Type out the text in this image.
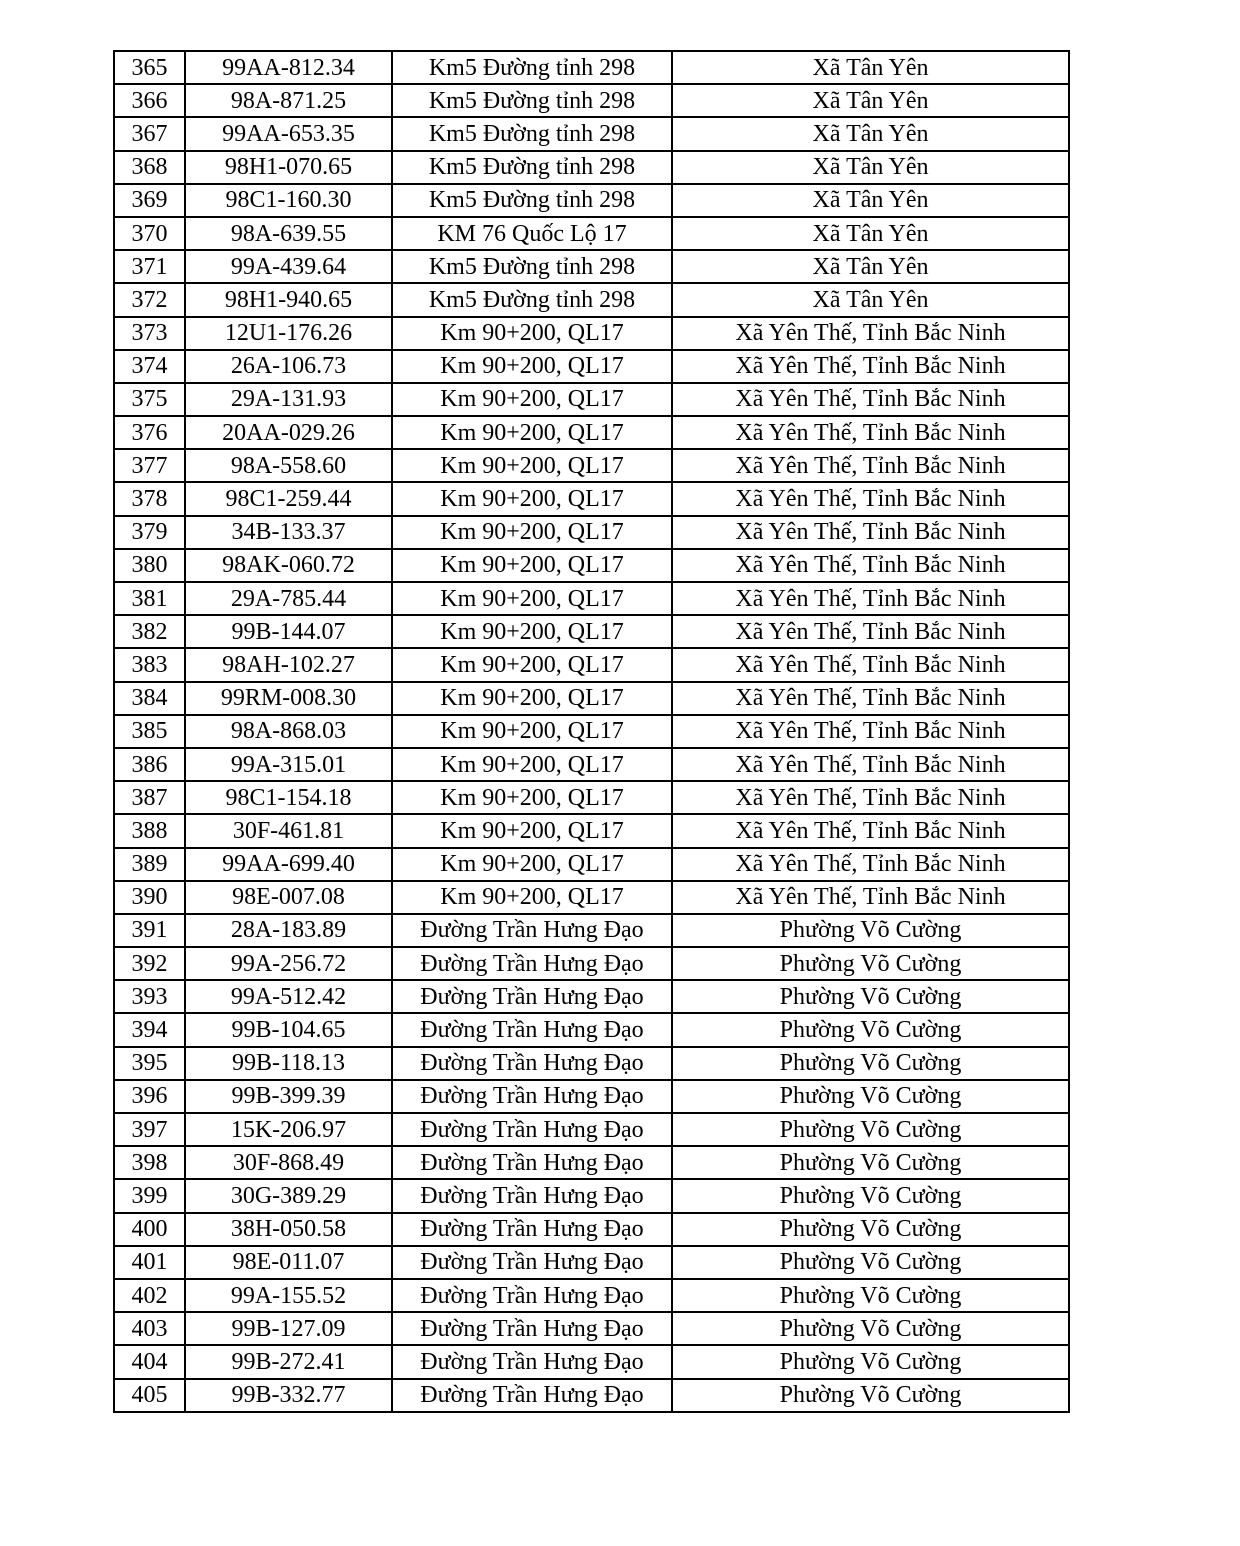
365	99AA-812.34	Km5 Đường tỉnh 298	Xã Tân Yên
366	98A-871.25	Km5 Đường tỉnh 298	Xã Tân Yên
367	99AA-653.35	Km5 Đường tỉnh 298	Xã Tân Yên
368	98H1-070.65	Km5 Đường tỉnh 298	Xã Tân Yên
369	98C1-160.30	Km5 Đường tỉnh 298	Xã Tân Yên
370	98A-639.55	KM 76 Quốc Lộ 17	Xã Tân Yên
371	99A-439.64	Km5 Đường tỉnh 298	Xã Tân Yên
372	98H1-940.65	Km5 Đường tỉnh 298	Xã Tân Yên
373	12U1-176.26	Km 90+200, QL17	Xã Yên Thế, Tỉnh Bắc Ninh
374	26A-106.73	Km 90+200, QL17	Xã Yên Thế, Tỉnh Bắc Ninh
375	29A-131.93	Km 90+200, QL17	Xã Yên Thế, Tỉnh Bắc Ninh
376	20AA-029.26	Km 90+200, QL17	Xã Yên Thế, Tỉnh Bắc Ninh
377	98A-558.60	Km 90+200, QL17	Xã Yên Thế, Tỉnh Bắc Ninh
378	98C1-259.44	Km 90+200, QL17	Xã Yên Thế, Tỉnh Bắc Ninh
379	34B-133.37	Km 90+200, QL17	Xã Yên Thế, Tỉnh Bắc Ninh
380	98AK-060.72	Km 90+200, QL17	Xã Yên Thế, Tỉnh Bắc Ninh
381	29A-785.44	Km 90+200, QL17	Xã Yên Thế, Tỉnh Bắc Ninh
382	99B-144.07	Km 90+200, QL17	Xã Yên Thế, Tỉnh Bắc Ninh
383	98AH-102.27	Km 90+200, QL17	Xã Yên Thế, Tỉnh Bắc Ninh
384	99RM-008.30	Km 90+200, QL17	Xã Yên Thế, Tỉnh Bắc Ninh
385	98A-868.03	Km 90+200, QL17	Xã Yên Thế, Tỉnh Bắc Ninh
386	99A-315.01	Km 90+200, QL17	Xã Yên Thế, Tỉnh Bắc Ninh
387	98C1-154.18	Km 90+200, QL17	Xã Yên Thế, Tỉnh Bắc Ninh
388	30F-461.81	Km 90+200, QL17	Xã Yên Thế, Tỉnh Bắc Ninh
389	99AA-699.40	Km 90+200, QL17	Xã Yên Thế, Tỉnh Bắc Ninh
390	98E-007.08	Km 90+200, QL17	Xã Yên Thế, Tỉnh Bắc Ninh
391	28A-183.89	Đường Trần Hưng Đạo	Phường Võ Cường
392	99A-256.72	Đường Trần Hưng Đạo	Phường Võ Cường
393	99A-512.42	Đường Trần Hưng Đạo	Phường Võ Cường
394	99B-104.65	Đường Trần Hưng Đạo	Phường Võ Cường
395	99B-118.13	Đường Trần Hưng Đạo	Phường Võ Cường
396	99B-399.39	Đường Trần Hưng Đạo	Phường Võ Cường
397	15K-206.97	Đường Trần Hưng Đạo	Phường Võ Cường
398	30F-868.49	Đường Trần Hưng Đạo	Phường Võ Cường
399	30G-389.29	Đường Trần Hưng Đạo	Phường Võ Cường
400	38H-050.58	Đường Trần Hưng Đạo	Phường Võ Cường
401	98E-011.07	Đường Trần Hưng Đạo	Phường Võ Cường
402	99A-155.52	Đường Trần Hưng Đạo	Phường Võ Cường
403	99B-127.09	Đường Trần Hưng Đạo	Phường Võ Cường
404	99B-272.41	Đường Trần Hưng Đạo	Phường Võ Cường
405	99B-332.77	Đường Trần Hưng Đạo	Phường Võ Cường
